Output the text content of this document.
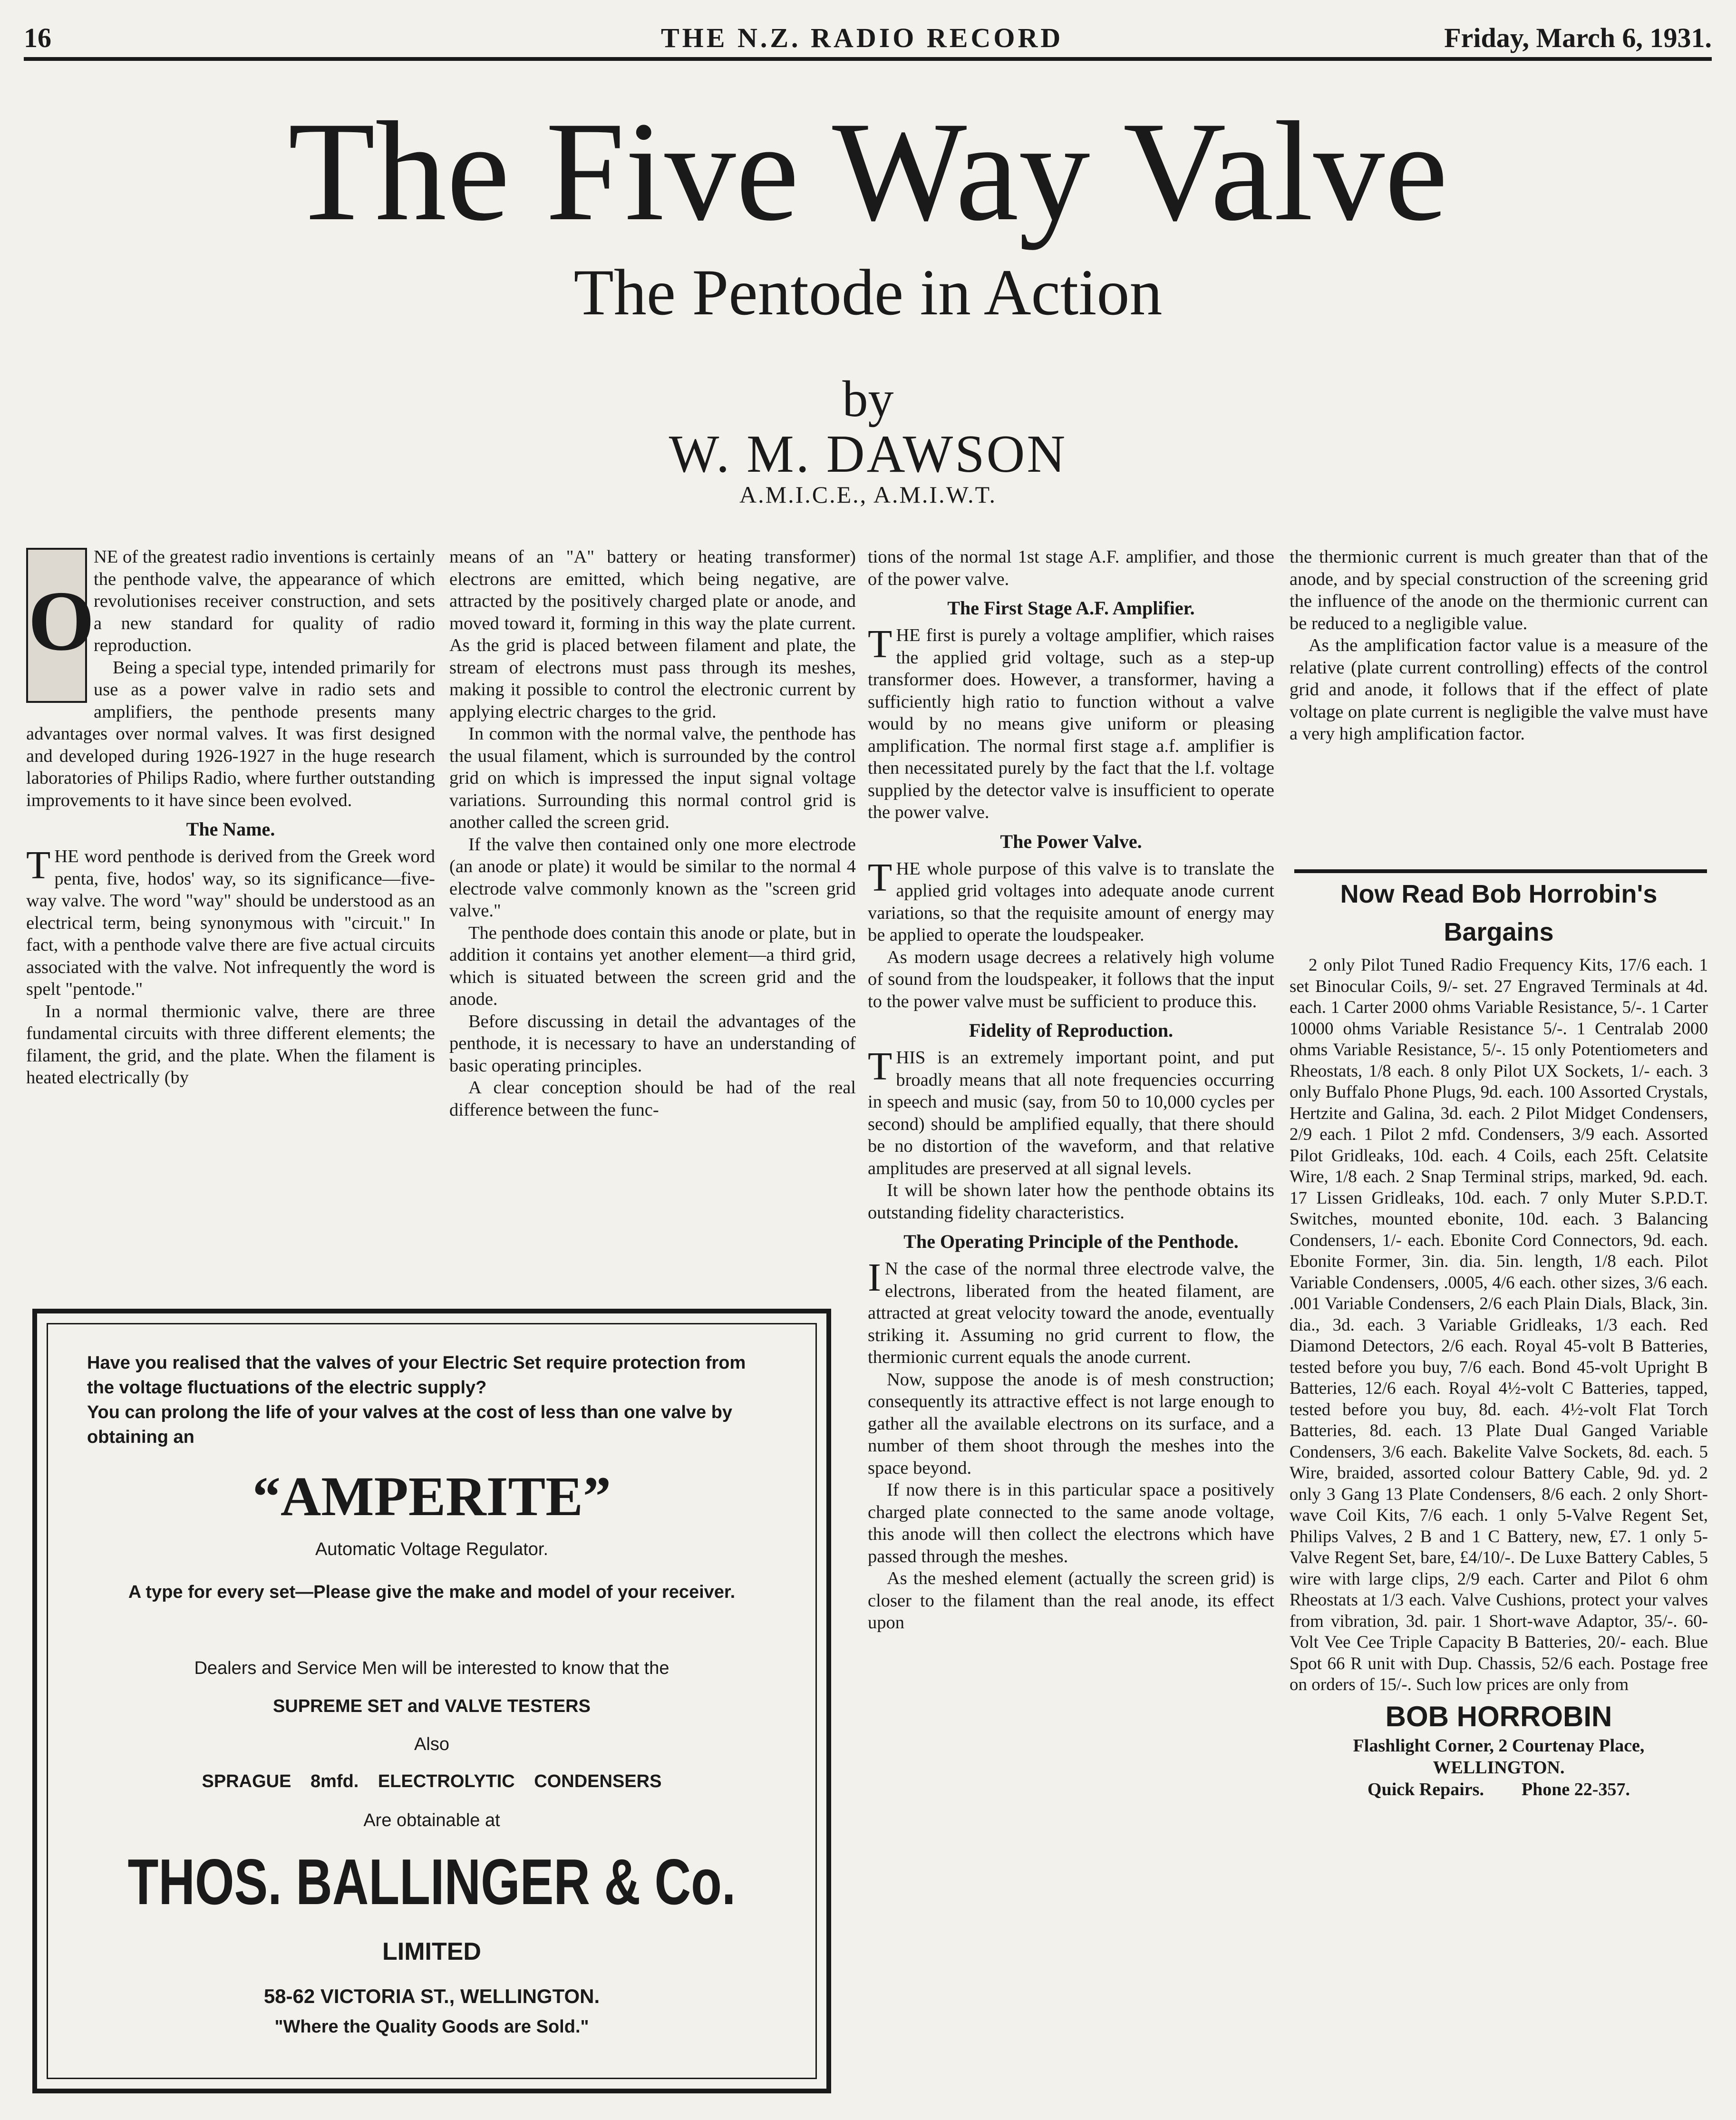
16	THE N.Z. RADIO RECORD	Friday, March 6, 1931.
The Five Way Valve
The Pentode in Action
by
W. M. DAWSON
A.M.I.C.E., A.M.I.W.T.
O

NE of the greatest radio inventions is certainly the penthode valve, the appearance of which revolutionises receiver construction, and sets a new standard for quality of radio reproduction.

Being a special type, intended primarily for use as a power valve in radio sets and amplifiers, the penthode presents many advantages over normal valves. It was first designed and developed during 1926-1927 in the huge research laboratories of Philips Radio, where further outstanding improvements to it have since been evolved.

The Name.

THE word penthode is derived from the Greek word penta, five, hodos' way, so its significance—five-way valve. The word "way" should be understood as an electrical term, being synonymous with "circuit." In fact, with a penthode valve there are five actual circuits associated with the valve. Not infrequently the word is spelt "pentode."

In a normal thermionic valve, there are three fundamental circuits with three different elements; the filament, the grid, and the plate. When the filament is heated electrically (by

means of an "A" battery or heating transformer) electrons are emitted, which being negative, are attracted by the positively charged plate or anode, and moved toward it, forming in this way the plate current. As the grid is placed between filament and plate, the stream of electrons must pass through its meshes, making it possible to control the electronic current by applying electric charges to the grid.

In common with the normal valve, the penthode has the usual filament, which is surrounded by the control grid on which is impressed the input signal voltage variations. Surrounding this normal control grid is another called the screen grid.

If the valve then contained only one more electrode (an anode or plate) it would be similar to the normal 4 electrode valve commonly known as the "screen grid valve."

The penthode does contain this anode or plate, but in addition it contains yet another element—a third grid, which is situated between the screen grid and the anode.

Before discussing in detail the advantages of the penthode, it is necessary to have an understanding of basic operating principles.

A clear conception should be had of the real difference between the func-

tions of the normal 1st stage A.F. amplifier, and those of the power valve.

The First Stage A.F. Amplifier.

THE first is purely a voltage amplifier, which raises the applied grid voltage, such as a step-up transformer does. However, a transformer, having a sufficiently high ratio to function without a valve would by no means give uniform or pleasing amplification. The normal first stage a.f. amplifier is then necessitated purely by the fact that the l.f. voltage supplied by the detector valve is insufficient to operate the power valve.

The Power Valve.

THE whole purpose of this valve is to translate the applied grid voltages into adequate anode current variations, so that the requisite amount of energy may be applied to operate the loudspeaker.

As modern usage decrees a relatively high volume of sound from the loudspeaker, it follows that the input to the power valve must be sufficient to produce this.

Fidelity of Reproduction.

THIS is an extremely important point, and put broadly means that all note frequencies occurring in speech and music (say, from 50 to 10,000 cycles per second) should be amplified equally, that there should be no distortion of the waveform, and that relative amplitudes are preserved at all signal levels.

It will be shown later how the penthode obtains its outstanding fidelity characteristics.

The Operating Principle of the Penthode.

I N the case of the normal three electrode valve, the electrons, liberated from the heated filament, are attracted at great velocity toward the anode, eventually striking it. Assuming no grid current to flow, the thermionic current equals the anode current.

Now, suppose the anode is of mesh construction; consequently its attractive effect is not large enough to gather all the available electrons on its surface, and a number of them shoot through the meshes into the space beyond.

If now there is in this particular space a positively charged plate connected to the same anode voltage, this anode will then collect the electrons which have passed through the meshes.

As the meshed element (actually the screen grid) is closer to the filament than the real anode, its effect upon

the thermionic current is much greater than that of the anode, and by special construction of the screening grid the influence of the anode on the thermionic current can be reduced to a negligible value.

As the amplification factor value is a measure of the relative (plate current controlling) effects of the control grid and anode, it follows that if the effect of plate voltage on plate current is negligible the valve must have a very high amplification factor.

Now Read Bob Horrobin's Bargains
2 only Pilot Tuned Radio Frequency Kits, 17/6 each. 1 set Binocular Coils, 9/- set. 27 Engraved Terminals at 4d. each. 1 Carter 2000 ohms Variable Resistance, 5/-. 1 Carter 10000 ohms Variable Resistance 5/-. 1 Centralab 2000 ohms Variable Resistance, 5/-. 15 only Potentiometers and Rheostats, 1/8 each. 8 only Pilot UX Sockets, 1/- each. 3 only Buffalo Phone Plugs, 9d. each. 100 Assorted Crystals, Hertzite and Galina, 3d. each. 2 Pilot Midget Condensers, 2/9 each. 1 Pilot 2 mfd. Condensers, 3/9 each. Assorted Pilot Gridleaks, 10d. each. 4 Coils, each 25ft. Celatsite Wire, 1/8 each. 2 Snap Terminal strips, marked, 9d. each. 17 Lissen Gridleaks, 10d. each. 7 only Muter S.P.D.T. Switches, mounted ebonite, 10d. each. 3 Balancing Condensers, 1/- each. Ebonite Cord Connectors, 9d. each. Ebonite Former, 3in. dia. 5in. length, 1/8 each. Pilot Variable Condensers, .0005, 4/6 each. other sizes, 3/6 each. .001 Variable Condensers, 2/6 each Plain Dials, Black, 3in. dia., 3d. each. 3 Variable Gridleaks, 1/3 each. Red Diamond Detectors, 2/6 each. Royal 45-volt B Batteries, tested before you buy, 7/6 each. Bond 45-volt Upright B Batteries, 12/6 each. Royal 4½-volt C Batteries, tapped, tested before you buy, 8d. each. 4½-volt Flat Torch Batteries, 8d. each. 13 Plate Dual Ganged Variable Condensers, 3/6 each. Bakelite Valve Sockets, 8d. each. 5 Wire, braided, assorted colour Battery Cable, 9d. yd. 2 only 3 Gang 13 Plate Condensers, 8/6 each. 2 only Short-wave Coil Kits, 7/6 each. 1 only 5-Valve Regent Set, Philips Valves, 2 B and 1 C Battery, new, £7. 1 only 5-Valve Regent Set, bare, £4/10/-. De Luxe Battery Cables, 5 wire with large clips, 2/9 each. Carter and Pilot 6 ohm Rheostats at 1/3 each. Valve Cushions, protect your valves from vibration, 3d. pair. 1 Short-wave Adaptor, 35/-. 60-Volt Vee Cee Triple Capacity B Batteries, 20/- each. Blue Spot 66 R unit with Dup. Chassis, 52/6 each. Postage free on orders of 15/-. Such low prices are only from
BOB HORROBIN
Flashlight Corner, 2 Courtenay Place,
WELLINGTON.
Quick Repairs. Phone 22-357.
Have you realised that the valves of your Electric Set require protection from the voltage fluctuations of the electric supply?
You can prolong the life of your valves at the cost of less than one valve by obtaining an
“AMPERITE”
Automatic Voltage Regulator.
A type for every set—Please give the make and model of your receiver.
Dealers and Service Men will be interested to know that the
SUPREME SET and VALVE TESTERS
Also
SPRAGUE 8mfd. ELECTROLYTIC CONDENSERS
Are obtainable at
THOS. BALLINGER & Co.
LIMITED
58-62 VICTORIA ST., WELLINGTON.
"Where the Quality Goods are Sold."
